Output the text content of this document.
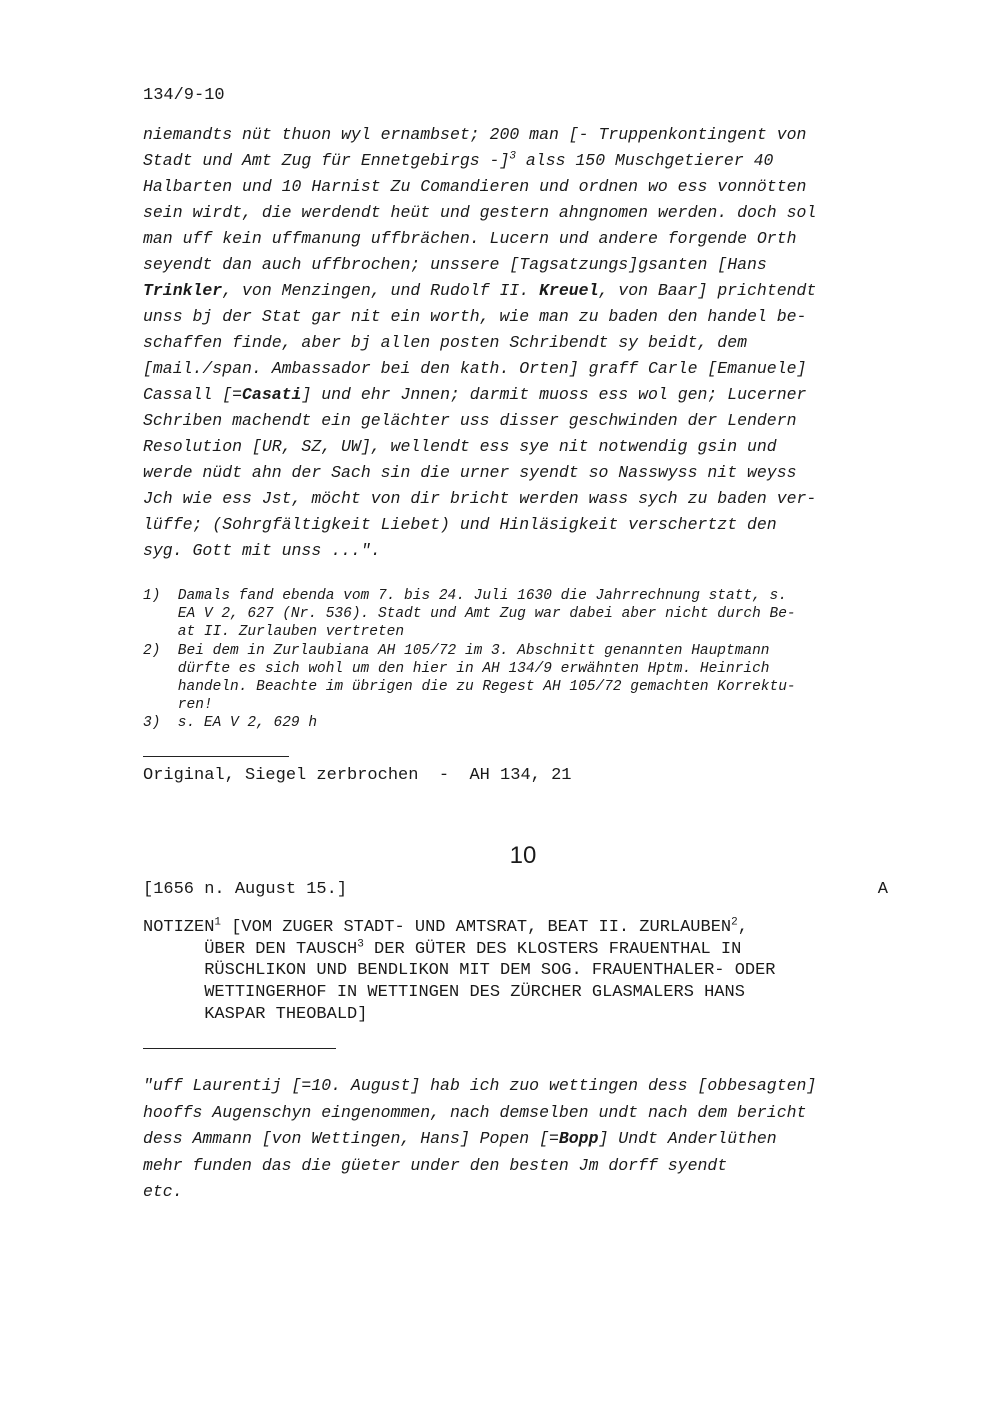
134/9-10
niemandts nüt thuon wyl ernambset; 200 man [- Truppenkontingent von
Stadt und Amt Zug für Ennetgebirgs -]$^3$ alss 150 Muschgetierer 40
Halbarten und 10 Harnist Zu Comandieren und ordnen wo ess vonnötten
sein wirdt, die werdendt heüt und gestern ahngnomen werden. doch sol
man uff kein uffmanung uffbrächen. Lucern und andere forgende Orth
seyendt dan auch uffbrochen; unssere [Tagsatzungs]gsanten [Hans
Trinkler, von Menzingen, und Rudolf II. Kreuel, von Baar] prichtendt
unss bj der Stat gar nit ein worth, wie man zu baden den handel be-
schaffen finde, aber bj allen posten Schribendt sy beidt, dem
[mail./span. Ambassador bei den kath. Orten] graff Carle [Emanuele]
Cassall [=Casati] und ehr Jnnen; darmit muoss ess wol gen; Lucerner
Schriben machendt ein gelächter uss disser geschwinden der Lendern
Resolution [UR, SZ, UW], wellendt ess sye nit notwendig gsin und
werde nüdt ahn der Sach sin die urner syendt so Nasswyss nit weyss
Jch wie ess Jst, möcht von dir bricht werden wass sych zu baden ver-
lüffe; (Sohrgfältigkeit Liebet) und Hinläsigkeit verschertzt den
syg. Gott mit unss ...".
1)  Damals fand ebenda vom 7. bis 24. Juli 1630 die Jahrrechnung statt, s.
EA V 2, 627 (Nr. 536). Stadt und Amt Zug war dabei aber nicht durch Be-
at II. Zurlauben vertreten
2)  Bei dem in Zurlaubiana AH 105/72 im 3. Abschnitt genannten Hauptmann
dürfte es sich wohl um den hier in AH 134/9 erwähnten Hptm. Heinrich
handeln. Beachte im übrigen die zu Regest AH 105/72 gemachten Korrektu-
ren!
3)  s. EA V 2, 629 h
Original, Siegel zerbrochen  -  AH 134, 21
10
[1656 n. August 15.]	A
NOTIZEN$^1$ [VOM ZUGER STADT- UND AMTSRAT, BEAT II. ZURLAUBEN$^2$,
ÜBER DEN TAUSCH$^3$ DER GÜTER DES KLOSTERS FRAUENTHAL IN
RÜSCHLIKON UND BENDLIKON MIT DEM SOG. FRAUENTHALER- ODER
WETTINGERHOF IN WETTINGEN DES ZÜRCHER GLASMALERS HANS
KASPAR THEOBALD]
"uff Laurentij [=10. August] hab ich zuo wettingen dess [obbesagten]
hooffs Augenschyn eingenommen, nach demselben undt nach dem bericht
dess Ammann [von Wettingen, Hans] Popen [=Bopp] Undt Anderlüthen
mehr funden das die güeter under den besten Jm dorff syendt
etc.
